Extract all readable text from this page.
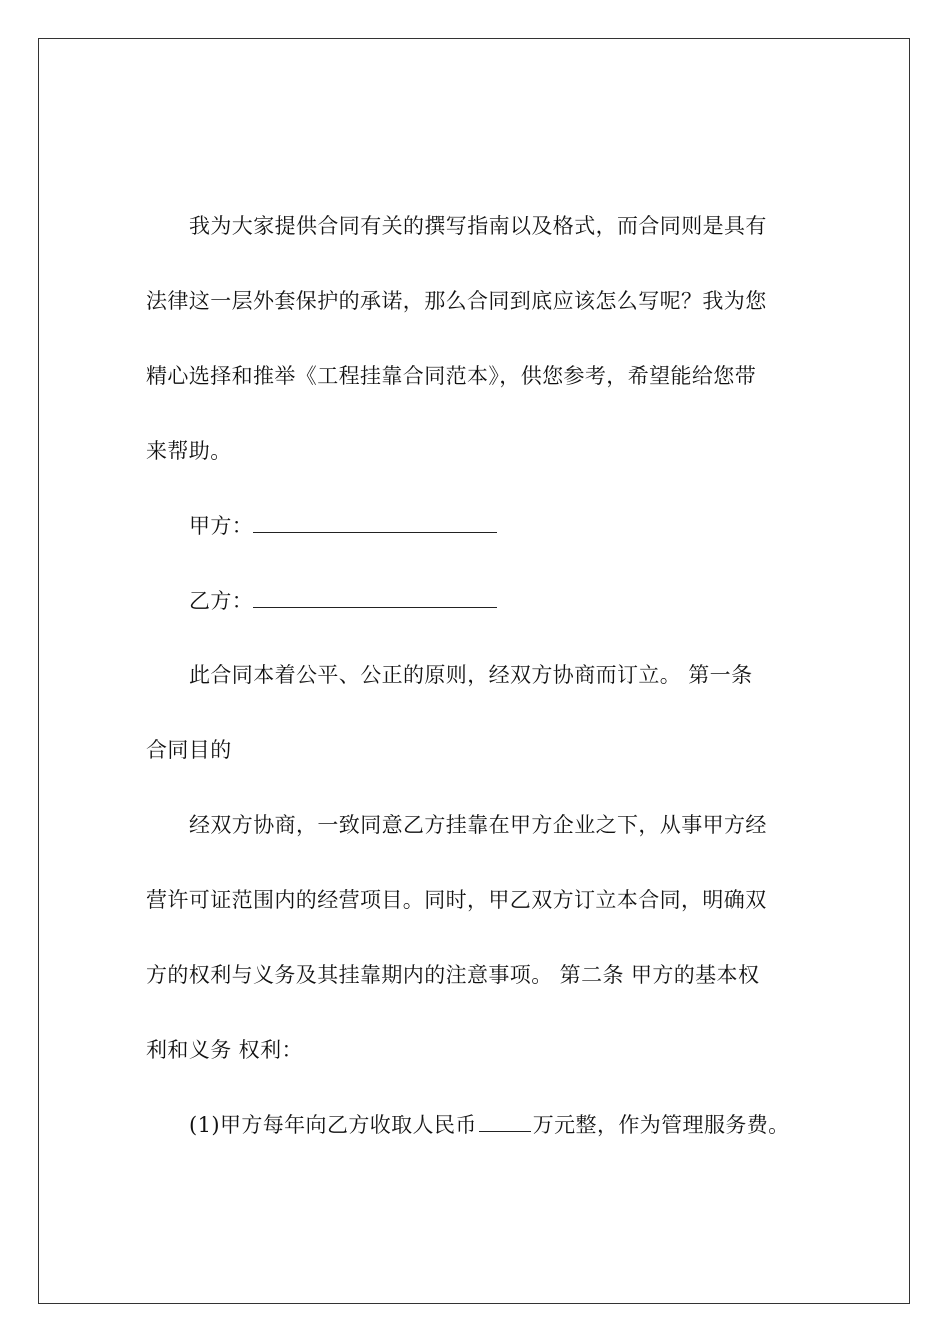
我为大家提供合同有关的撰写指南以及格式，而合同则是具有
法律这一层外套保护的承诺，那么合同到底应该怎么写呢？我为您
精心选择和推举《工程挂靠合同范本》，供您参考，希望能给您带
来帮助。
甲方：
乙方：
此合同本着公平、公正的原则，经双方协商而订立。 第一条
合同目的
经双方协商，一致同意乙方挂靠在甲方企业之下，从事甲方经
营许可证范围内的经营项目。同时，甲乙双方订立本合同，明确双
方的权利与义务及其挂靠期内的注意事项。 第二条 甲方的基本权
利和义务 权利：
(1)甲方每年向乙方收取人民币	万元整，作为管理服务费。
